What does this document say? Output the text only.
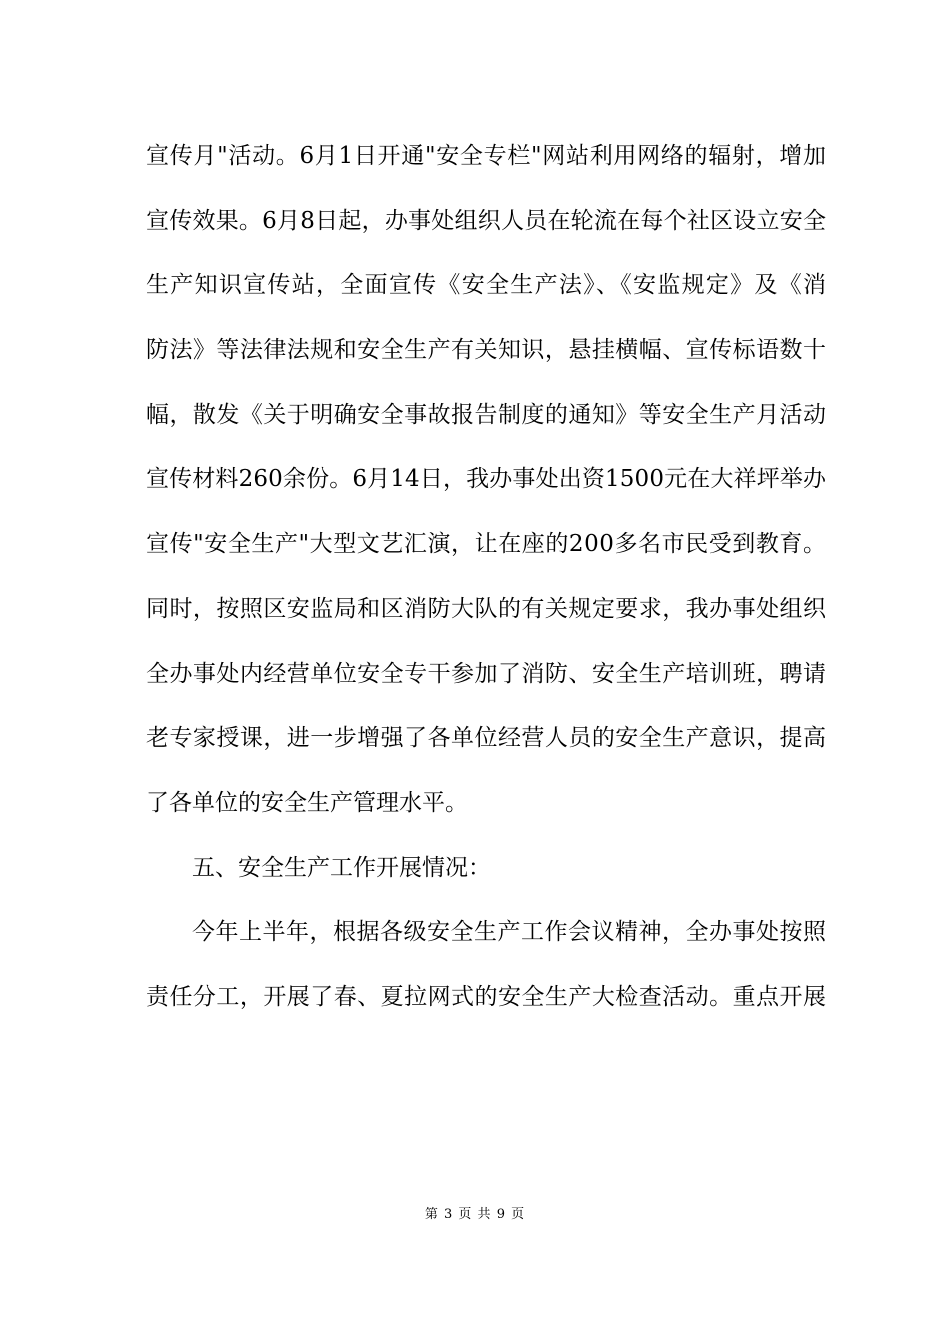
宣传月"活动。6月1日开通"安全专栏"网站利用网络的辐射，增加
宣传效果。6月8日起，办事处组织人员在轮流在每个社区设立安全
生产知识宣传站，全面宣传《安全生产法》、《安监规定》及《消
防法》等法律法规和安全生产有关知识，悬挂横幅、宣传标语数十
幅，散发《关于明确安全事故报告制度的通知》等安全生产月活动
宣传材料260余份。6月14日，我办事处出资1500元在大祥坪举办
宣传"安全生产"大型文艺汇演，让在座的200多名市民受到教育。
同时，按照区安监局和区消防大队的有关规定要求，我办事处组织
全办事处内经营单位安全专干参加了消防、安全生产培训班，聘请
老专家授课，进一步增强了各单位经营人员的安全生产意识，提高
了各单位的安全生产管理水平。
五、安全生产工作开展情况：
今年上半年，根据各级安全生产工作会议精神，全办事处按照
责任分工，开展了春、夏拉网式的安全生产大检查活动。重点开展
第 3 页 共 9 页
